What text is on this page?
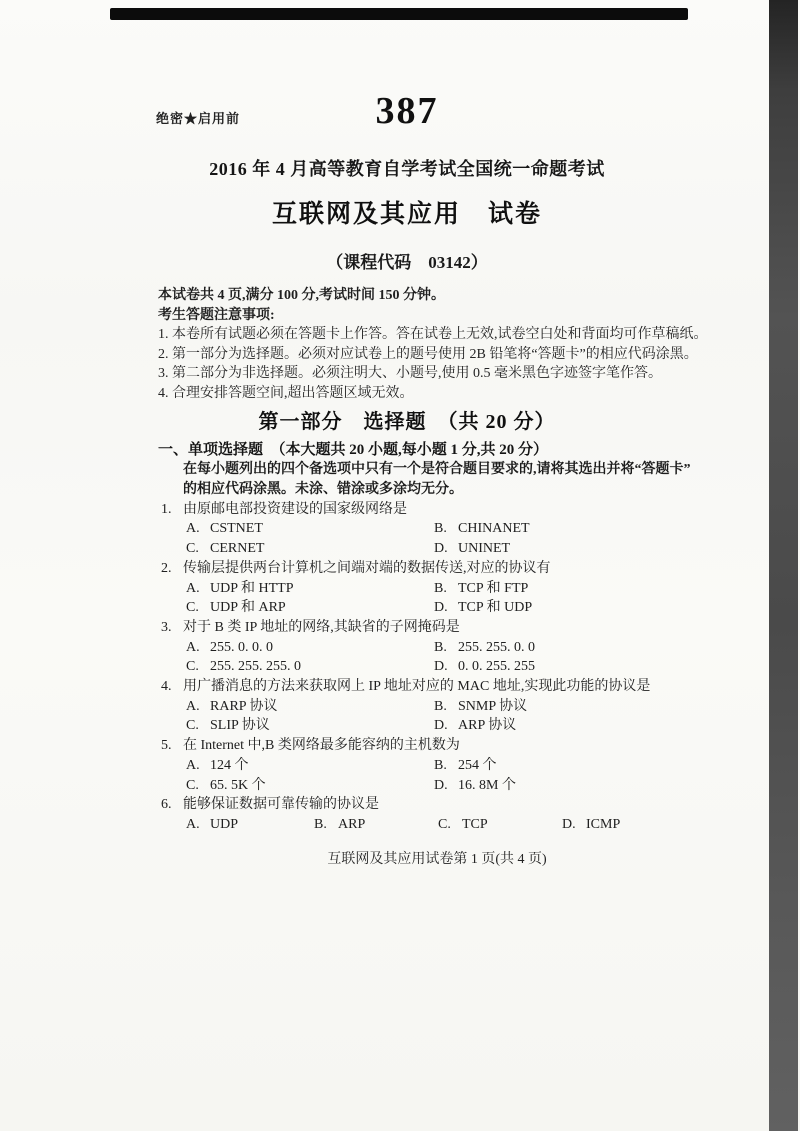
绝密★启用前	387
2016 年 4 月高等教育自学考试全国统一命题考试
互联网及其应用　试卷
（课程代码　03142）
本试卷共 4 页,满分 100 分,考试时间 150 分钟。
考生答题注意事项:
1. 本卷所有试题必须在答题卡上作答。答在试卷上无效,试卷空白处和背面均可作草稿纸。
2. 第一部分为选择题。必须对应试卷上的题号使用 2B 铅笔将“答题卡”的相应代码涂黑。
3. 第二部分为非选择题。必须注明大、小题号,使用 0.5 毫米黑色字迹签字笔作答。
4. 合理安排答题空间,超出答题区域无效。
第一部分　选择题　（共 20 分）
一、单项选择题　（本大题共 20 小题,每小题 1 分,共 20 分）
在每小题列出的四个备选项中只有一个是符合题目要求的,请将其选出并将“答题卡”
的相应代码涂黑。未涂、错涂或多涂均无分。
1. 由原邮电部投资建设的国家级网络是
A. CSTNET	B. CHINANET
C. CERNET	D. UNINET
2. 传输层提供两台计算机之间端对端的数据传送,对应的协议有
A. UDP 和 HTTP	B. TCP 和 FTP
C. UDP 和 ARP	D. TCP 和 UDP
3. 对于 B 类 IP 地址的网络,其缺省的子网掩码是
A. 255. 0. 0. 0	B. 255. 255. 0. 0
C. 255. 255. 255. 0	D. 0. 0. 255. 255
4. 用广播消息的方法来获取网上 IP 地址对应的 MAC 地址,实现此功能的协议是
A. RARP 协议	B. SNMP 协议
C. SLIP 协议	D. ARP 协议
5. 在 Internet 中,B 类网络最多能容纳的主机数为
A. 124 个	B. 254 个
C. 65. 5K 个	D. 16. 8M 个
6. 能够保证数据可靠传输的协议是
A. UDP	B. ARP	C. TCP	D. ICMP
互联网及其应用试卷第 1 页(共 4 页)
